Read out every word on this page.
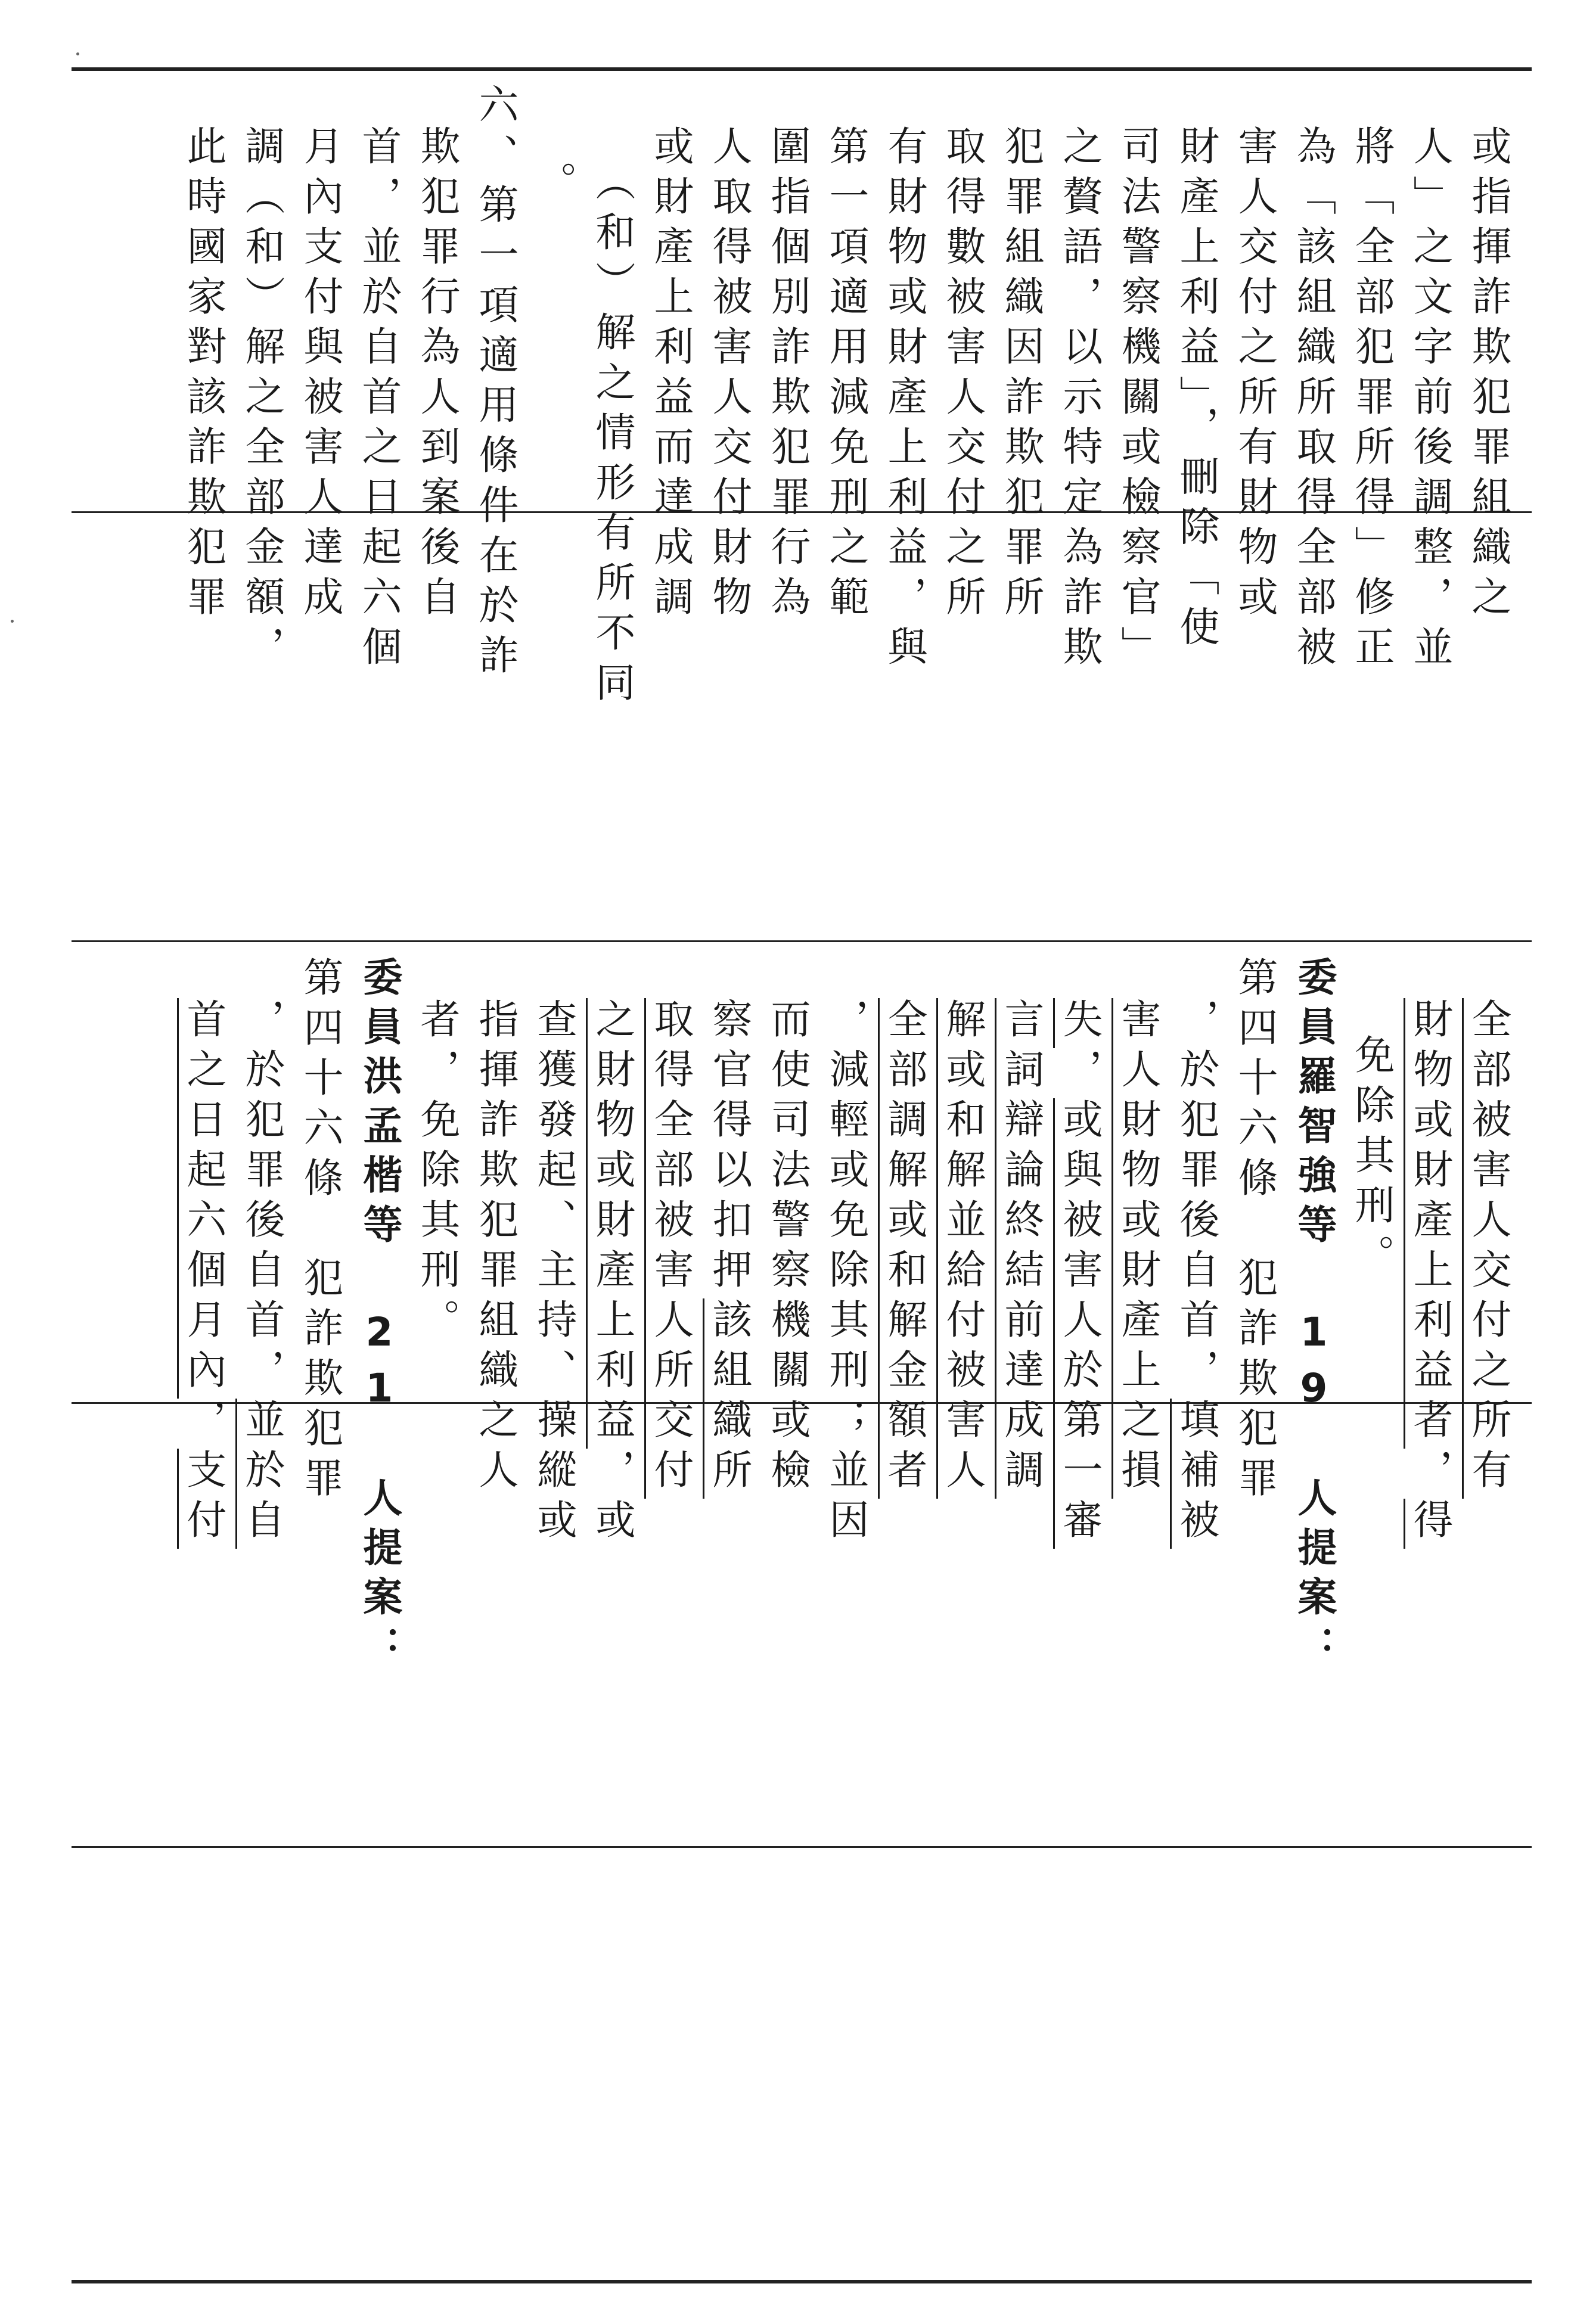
或指揮詐欺犯罪組織之
人」之文字前後調整，並
將「全部犯罪所得」修正
為「該組織所取得全部被
害人交付之所有財物或
財產上利益」，刪除「使
司法警察機關或檢察官」
之贅語，以示特定為詐欺
犯罪組織因詐欺犯罪所
取得數被害人交付之所
有財物或財產上利益，與
第一項適用減免刑之範
圍指個別詐欺犯罪行為
人取得被害人交付財物
或財產上利益而達成調
（和）解之情形有所不同
。
六、第一項適用條件在於詐
欺犯罪行為人到案後自
首，並於自首之日起六個
月內支付與被害人達成
調（和）解之全部金額，
此時國家對該詐欺犯罪
全部被害人交付之所有
財物或財產上利益者，得
免除其刑。
委員羅智強等 19 人提案：
第四十六條　犯詐欺犯罪
，於犯罪後自首，填補被
害人財物或財產上之損
失，或與被害人於第一審
言詞辯論終結前達成調
解或和解並給付被害人
全部調解或和解金額者
，減輕或免除其刑；並因
而使司法警察機關或檢
察官得以扣押該組織所
取得全部被害人所交付
之財物或財產上利益，或
查獲發起、主持、操縱或
指揮詐欺犯罪組織之人
者，免除其刑。
委員洪孟楷等 21 人提案：
第四十六條　犯詐欺犯罪
，於犯罪後自首，並於自
首之日起六個月內，支付
